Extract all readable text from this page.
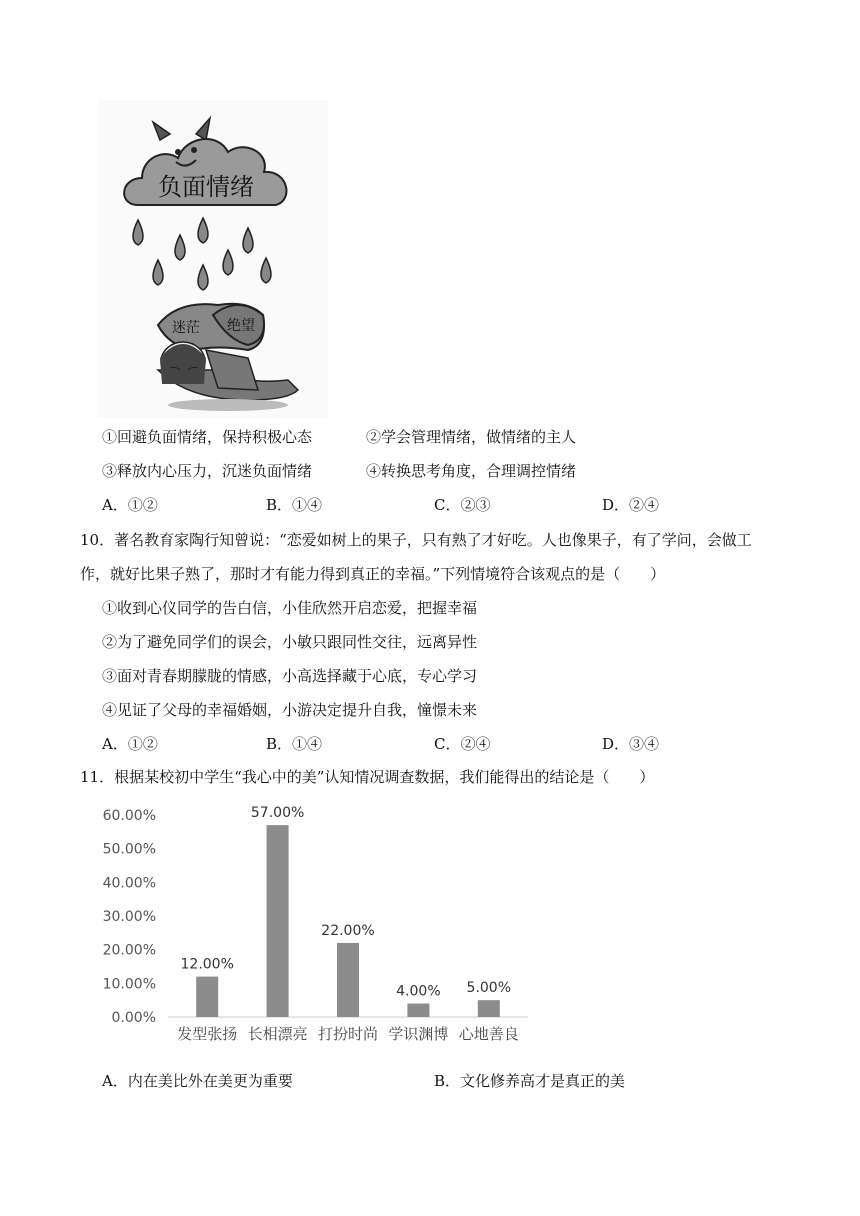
负面情绪
迷茫 绝望
①回避负面情绪，保持积极心态	②学会管理情绪，做情绪的主人
③释放内心压力，沉迷负面情绪	④转换思考角度，合理调控情绪
A．①②	B．①④	C．②③	D．②④
10．著名教育家陶行知曾说：“恋爱如树上的果子，只有熟了才好吃。人也像果子，有了学问，会做工
作，就好比果子熟了，那时才有能力得到真正的幸福。”下列情境符合该观点的是（　　）
①收到心仪同学的告白信，小佳欣然开启恋爱，把握幸福
②为了避免同学们的误会，小敏只跟同性交往，远离异性
③面对青春期朦胧的情感，小高选择藏于心底，专心学习
④见证了父母的幸福婚姻，小游决定提升自我，憧憬未来
A．①②	B．①④	C．②④	D．③④
11．根据某校初中学生“我心中的美”认知情况调查数据，我们能得出的结论是（　　）
0.00%
10.00%
20.00%
30.00%
40.00%
50.00%
60.00%
12.00%
发型张扬
57.00%
长相漂亮
22.00%
打扮时尚
4.00%
学识渊博
5.00%
心地善良
A．内在美比外在美更为重要	B．文化修养高才是真正的美
